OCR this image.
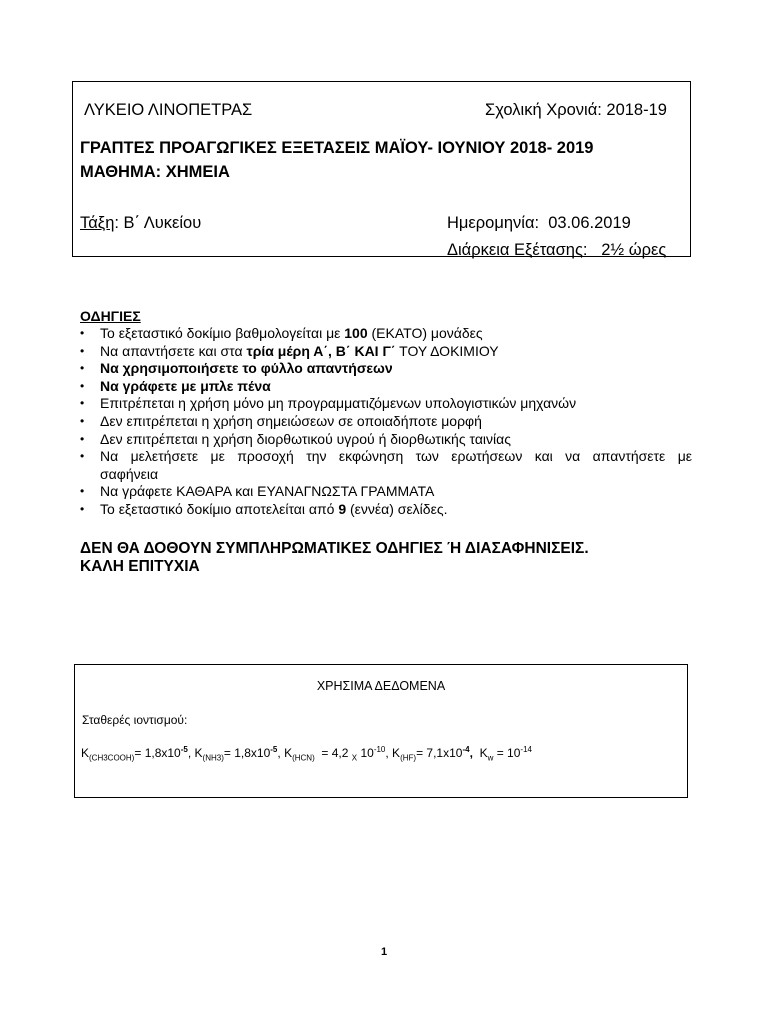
ΛΥΚΕΙΟ ΛΙΝΟΠΕΤΡΑΣ	Σχολική Χρονιά: 2018-19
ΓΡΑΠΤΕΣ ΠΡΟΑΓΩΓΙΚΕΣ ΕΞΕΤΑΣΕΙΣ ΜΑΪΟΥ- ΙΟΥΝΙΟΥ 2018- 2019
ΜΑΘΗΜΑ: ΧΗΜΕΙΑ
Τάξη: Β΄ Λυκείου	Ημερομηνία: 03.06.2019
Διάρκεια Εξέτασης: 2½ ώρες
ΟΔΗΓΙΕΣ
• Το εξεταστικό δοκίμιο βαθμολογείται με 100 (ΕΚΑΤΟ) μονάδες
• Να απαντήσετε και στα τρία μέρη Α΄, Β΄ ΚΑΙ Γ΄ ΤΟΥ ΔΟΚΙΜΙΟΥ
• Να χρησιμοποιήσετε το φύλλο απαντήσεων
• Να γράφετε με μπλε πένα
• Επιτρέπεται η χρήση μόνο μη προγραμματιζόμενων υπολογιστικών μηχανών
• Δεν επιτρέπεται η χρήση σημειώσεων σε οποιαδήποτε μορφή
• Δεν επιτρέπεται η χρήση διορθωτικού υγρού ή διορθωτικής ταινίας
• Να μελετήσετε με προσοχή την εκφώνηση των ερωτήσεων και να απαντήσετε με
σαφήνεια
• Να γράφετε ΚΑΘΑΡΑ και ΕΥΑΝΑΓΝΩΣΤΑ ΓΡΑΜΜΑΤΑ
• Το εξεταστικό δοκίμιο αποτελείται από 9 (εννέα) σελίδες.
ΔΕΝ ΘΑ ΔΟΘΟΥΝ ΣΥΜΠΛΗΡΩΜΑΤΙΚΕΣ ΟΔΗΓΙΕΣ Ή ΔΙΑΣΑΦΗΝΙΣΕΙΣ.
ΚΑΛΗ ΕΠΙΤΥΧΙΑ
ΧΡΗΣΙΜΑ ΔΕΔΟΜΕΝΑ
Σταθερές ιοντισμού:
$K_{(CH3COOH)}= 1,8x10^{-5}$, $K_{(NH3)}= 1,8x10^{-5}$, $K_{(HCN)} = 4,2$ $_X$ $10^{-10}$, $K_{(HF)}= 7,1x10^{-4}$, $K_w = 10^{-14}$
1
